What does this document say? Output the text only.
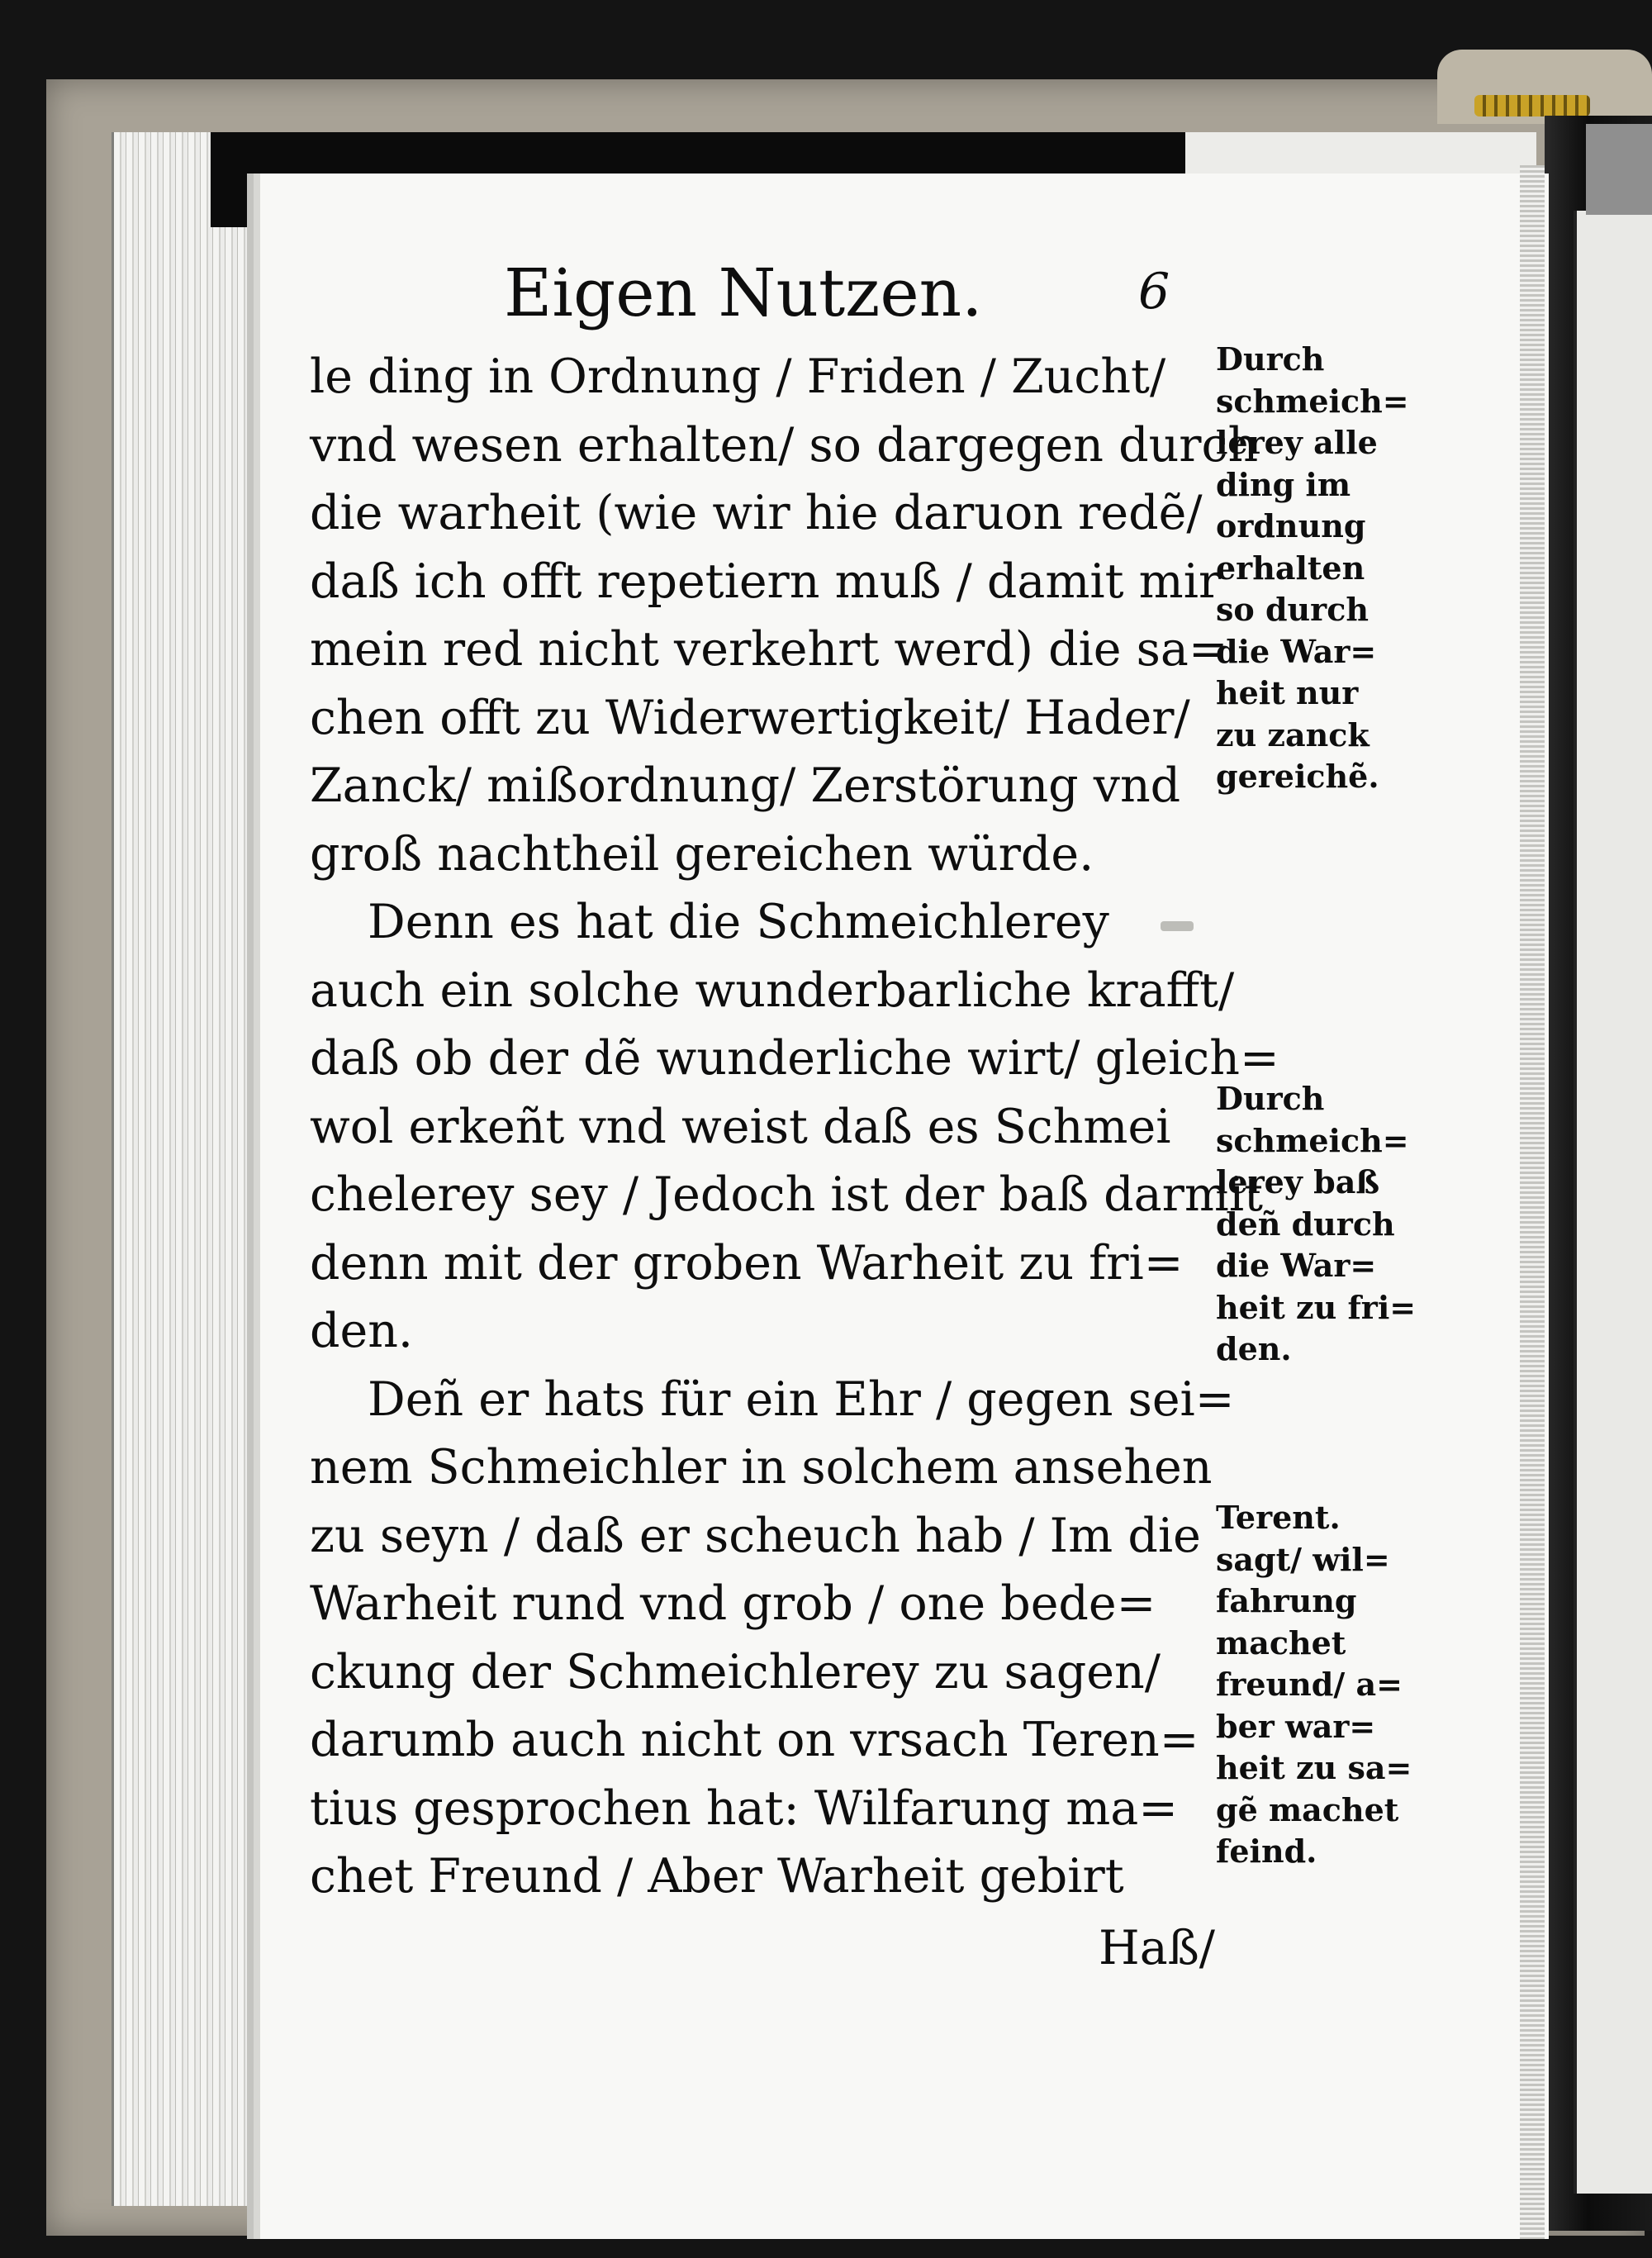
Eigen Nutzen.	6
le ding in Ordnung / Friden / Zucht/
vnd wesen erhalten/ so dargegen durch
die warheit (wie wir hie daruon redẽ/
daß ich offt repetiern muß / damit mir
mein red nicht verkehrt werd) die sa=
chen offt zu Widerwertigkeit/ Hader/
Zanck/ mißordnung/ Zerstörung vnd
groß nachtheil gereichen würde.
Denn es hat die Schmeichlerey
auch ein solche wunderbarliche krafft/
daß ob der dẽ wunderliche wirt/ gleich=
wol erkeñt vnd weist daß es Schmei
chelerey sey / Jedoch ist der baß darmit
denn mit der groben Warheit zu fri=
den.
Deñ er hats für ein Ehr / gegen sei=
nem Schmeichler in solchem ansehen
zu seyn / daß er scheuch hab / Im die
Warheit rund vnd grob / one bede=
ckung der Schmeichlerey zu sagen/
darumb auch nicht on vrsach Teren=
tius gesprochen hat: Wilfarung ma=
chet Freund / Aber Warheit gebirt
Haß/
Durch
schmeich=
lerey alle
ding im
ordnung
erhalten
so durch
die War=
heit nur
zu zanck
gereichẽ.
Durch
schmeich=
lerey baß
deñ durch
die War=
heit zu fri=
den.
Terent.
sagt/ wil=
fahrung
machet
freund/ a=
ber war=
heit zu sa=
gẽ machet
feind.
